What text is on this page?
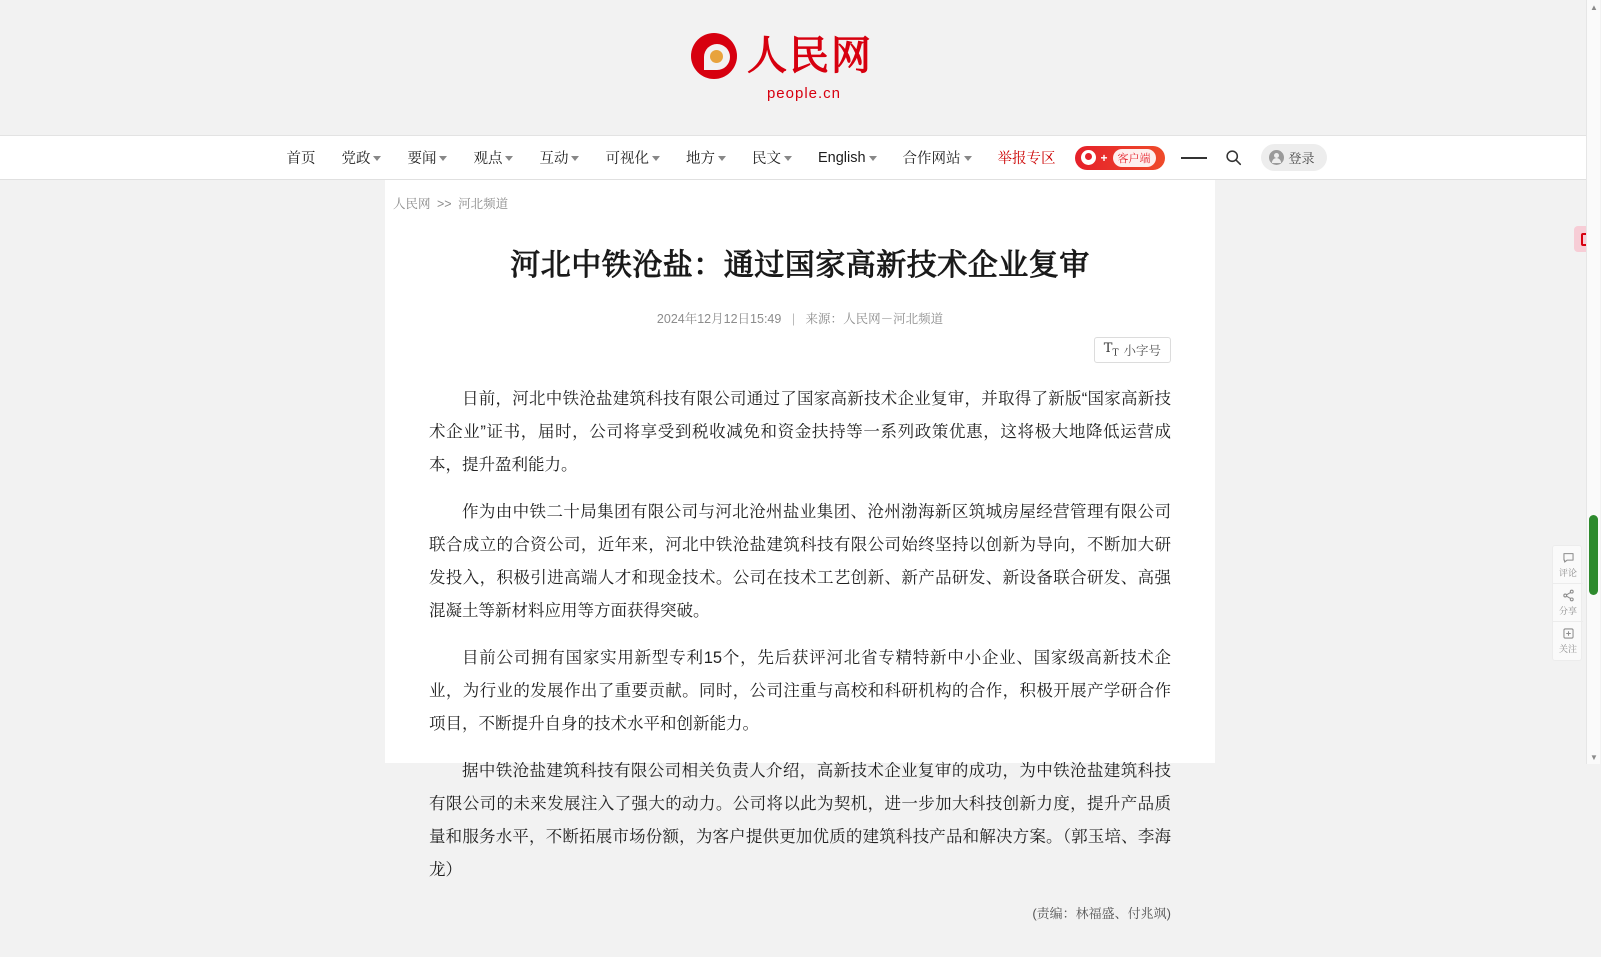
人民网
people.cn
首页 党政	要闻	观点	互动	可视化	地方	民文	English	合作网站	举报专区	+ 客户端	登录
人民网 >> 河北频道
河北中铁沧盐：通过国家高新技术企业复审
2024年12月12日15:49 | 来源：人民网－河北频道
$T_T$ 小字号

日前，河北中铁沧盐建筑科技有限公司通过了国家高新技术企业复审，并取得了新版“国家高新技术企业”证书，届时，公司将享受到税收减免和资金扶持等一系列政策优惠，这将极大地降低运营成本，提升盈利能力。

作为由中铁二十局集团有限公司与河北沧州盐业集团、沧州渤海新区筑城房屋经营管理有限公司联合成立的合资公司，近年来，河北中铁沧盐建筑科技有限公司始终坚持以创新为导向，不断加大研发投入，积极引进高端人才和现金技术。公司在技术工艺创新、新产品研发、新设备联合研发、高强混凝土等新材料应用等方面获得突破。

目前公司拥有国家实用新型专利15个，先后获评河北省专精特新中小企业、国家级高新技术企业，为行业的发展作出了重要贡献。同时，公司注重与高校和科研机构的合作，积极开展产学研合作项目，不断提升自身的技术水平和创新能力。

据中铁沧盐建筑科技有限公司相关负责人介绍，高新技术企业复审的成功，为中铁沧盐建筑科技有限公司的未来发展注入了强大的动力。公司将以此为契机，进一步加大科技创新力度，提升产品质量和服务水平，不断拓展市场份额，为客户提供更加优质的建筑科技产品和解决方案。（郭玉培、李海龙）

(责编：林福盛、付兆飒)
评论
分享
关注
▲
▼
